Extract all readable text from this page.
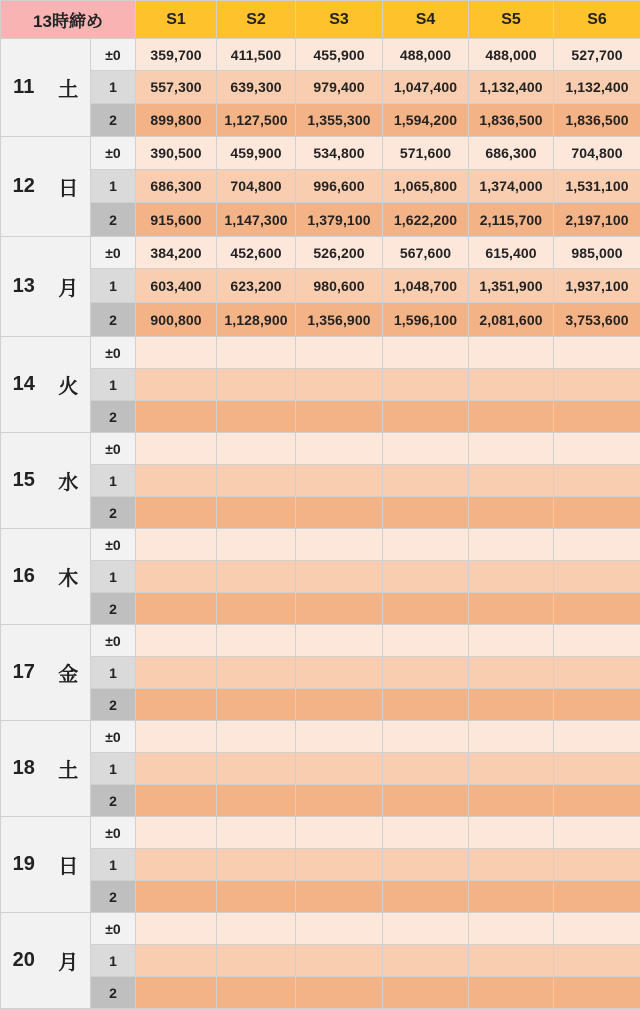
13時締め			S1	S2	S3	S4	S5	S6
11	土	±0	359,700	411,500	455,900	488,000	488,000	527,700
		1	557,300	639,300	979,400	1,047,400	1,132,400	1,132,400
		2	899,800	1,127,500	1,355,300	1,594,200	1,836,500	1,836,500
12	日	±0	390,500	459,900	534,800	571,600	686,300	704,800
		1	686,300	704,800	996,600	1,065,800	1,374,000	1,531,100
		2	915,600	1,147,300	1,379,100	1,622,200	2,115,700	2,197,100
13	月	±0	384,200	452,600	526,200	567,600	615,400	985,000
		1	603,400	623,200	980,600	1,048,700	1,351,900	1,937,100
		2	900,800	1,128,900	1,356,900	1,596,100	2,081,600	3,753,600
14	火	±0						
		1						
		2						
15	水	±0						
		1						
		2						
16	木	±0						
		1						
		2						
17	金	±0						
		1						
		2						
18	土	±0						
		1						
		2						
19	日	±0						
		1						
		2						
20	月	±0						
		1						
		2						
